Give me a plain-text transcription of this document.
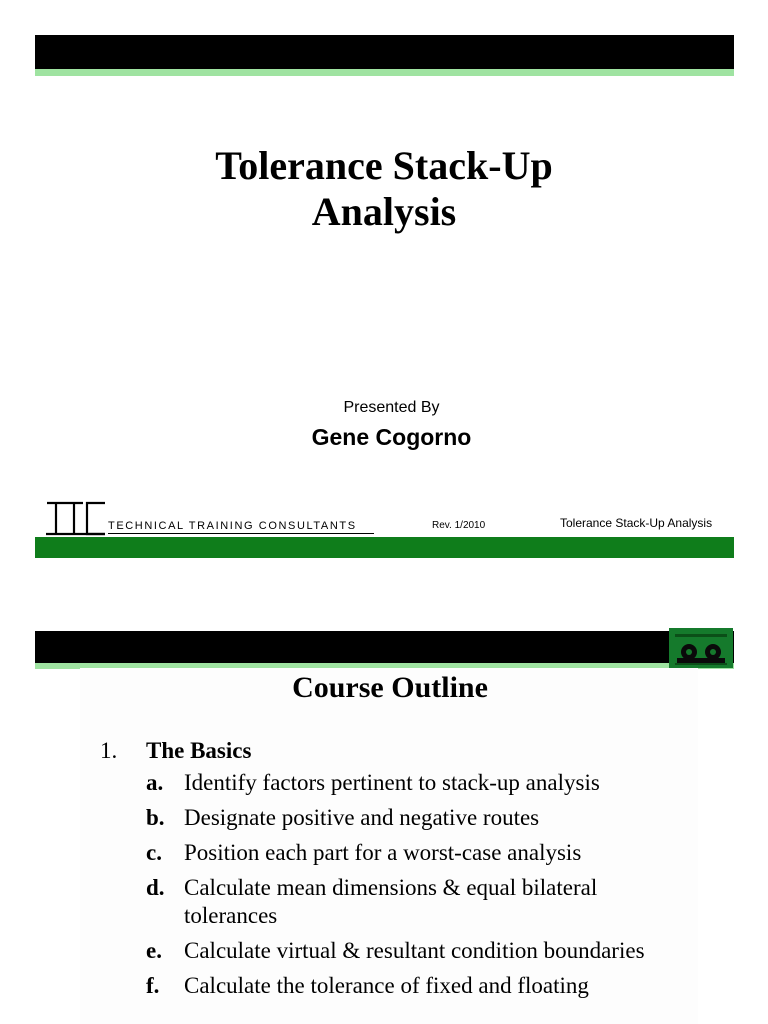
Tolerance Stack-Up
Analysis
Presented By
Gene Cogorno
TECHNICAL TRAINING CONSULTANTS	Rev. 1/2010	Tolerance Stack-Up Analysis
Course Outline
1.	The Basics
a. Identify factors pertinent to stack-up analysis
b. Designate positive and negative routes
c. Position each part for a worst-case analysis
d. Calculate mean dimensions & equal bilateral tolerances
e. Calculate virtual & resultant condition boundaries
f.	Calculate the tolerance of fixed and floating
